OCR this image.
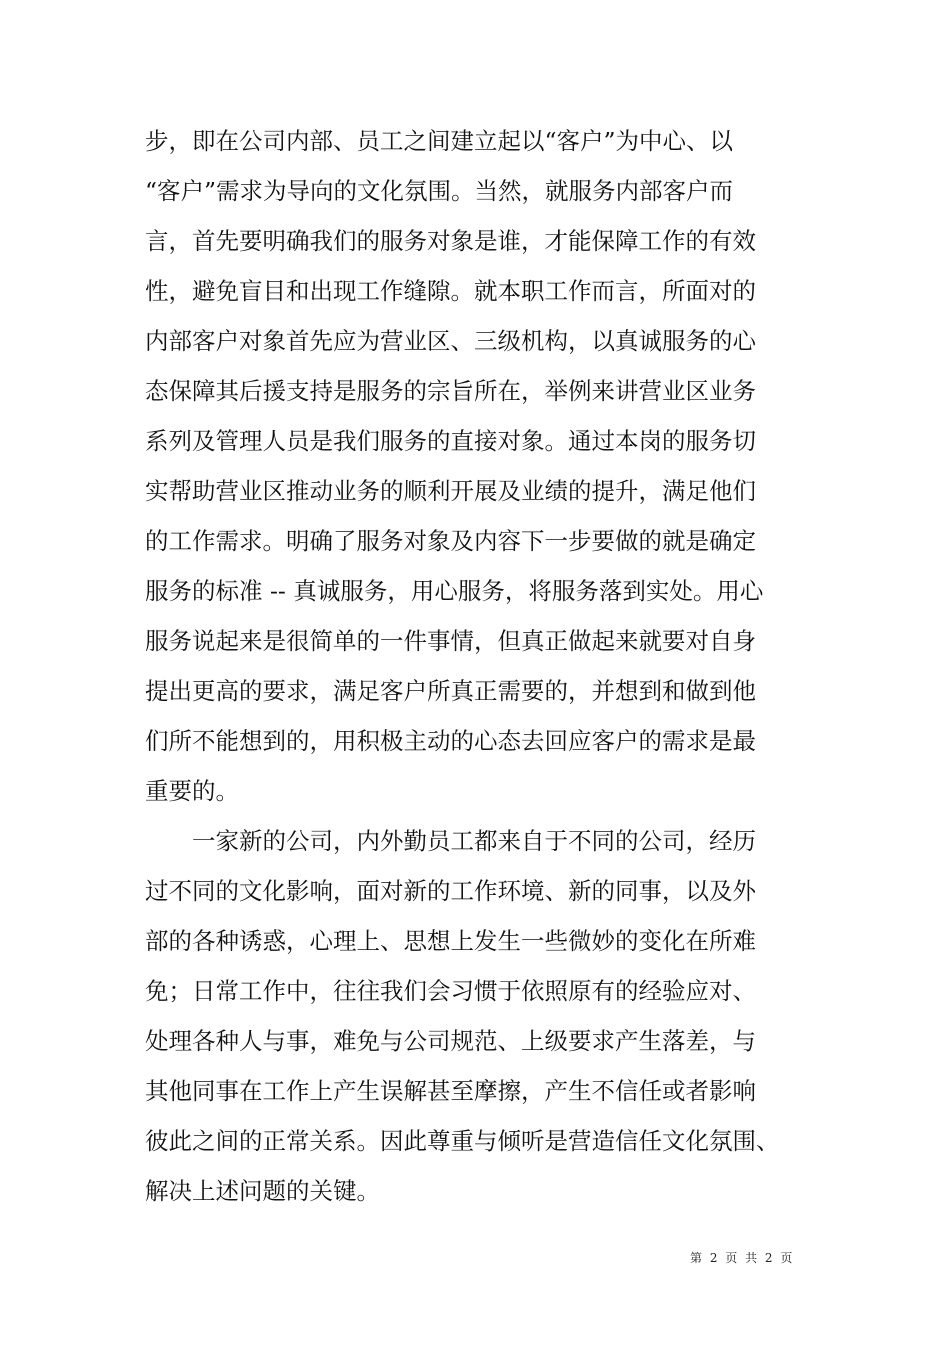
步，即在公司内部、员工之间建立起以“客户”为中心、以
“客户”需求为导向的文化氛围。当然，就服务内部客户而
言，首先要明确我们的服务对象是谁，才能保障工作的有效
性，避免盲目和出现工作缝隙。就本职工作而言，所面对的
内部客户对象首先应为营业区、三级机构，以真诚服务的心
态保障其后援支持是服务的宗旨所在，举例来讲营业区业务
系列及管理人员是我们服务的直接对象。通过本岗的服务切
实帮助营业区推动业务的顺利开展及业绩的提升，满足他们
的工作需求。明确了服务对象及内容下一步要做的就是确定
服务的标准 -- 真诚服务，用心服务，将服务落到实处。用心
服务说起来是很简单的一件事情，但真正做起来就要对自身
提出更高的要求，满足客户所真正需要的，并想到和做到他
们所不能想到的，用积极主动的心态去回应客户的需求是最
重要的。
一家新的公司，内外勤员工都来自于不同的公司，经历
过不同的文化影响，面对新的工作环境、新的同事，以及外
部的各种诱惑，心理上、思想上发生一些微妙的变化在所难
免；日常工作中，往往我们会习惯于依照原有的经验应对、
处理各种人与事，难免与公司规范、上级要求产生落差，与
其他同事在工作上产生误解甚至摩擦，产生不信任或者影响
彼此之间的正常关系。因此尊重与倾听是营造信任文化氛围、
解决上述问题的关键。
第 2 页 共 2 页
